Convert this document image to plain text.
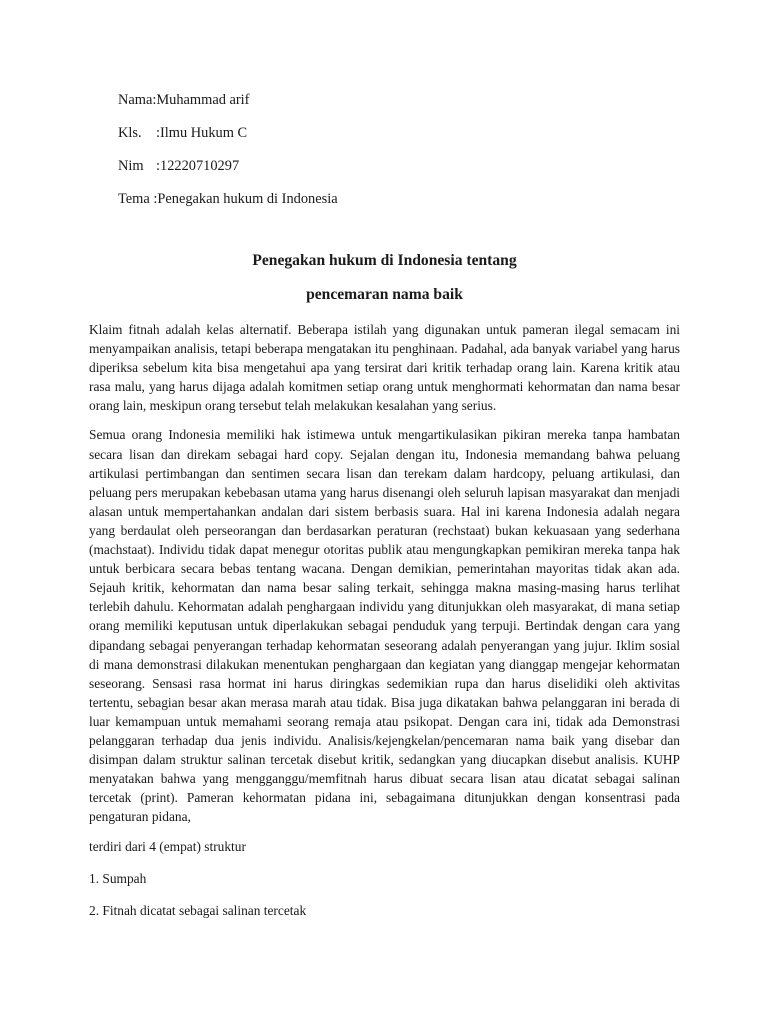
Nama:Muhammad arif
Kls. :Ilmu Hukum C
Nim :12220710297
Tema :Penegakan hukum di Indonesia
Penegakan hukum di Indonesia tentang
pencemaran nama baik

Klaim fitnah adalah kelas alternatif. Beberapa istilah yang digunakan untuk pameran ilegal semacam ini menyampaikan analisis, tetapi beberapa mengatakan itu penghinaan. Padahal, ada banyak variabel yang harus diperiksa sebelum kita bisa mengetahui apa yang tersirat dari kritik terhadap orang lain. Karena kritik atau rasa malu, yang harus dijaga adalah komitmen setiap orang untuk menghormati kehormatan dan nama besar orang lain, meskipun orang tersebut telah melakukan kesalahan yang serius.

Semua orang Indonesia memiliki hak istimewa untuk mengartikulasikan pikiran mereka tanpa hambatan secara lisan dan direkam sebagai hard copy. Sejalan dengan itu, Indonesia memandang bahwa peluang artikulasi pertimbangan dan sentimen secara lisan dan terekam dalam hardcopy, peluang artikulasi, dan peluang pers merupakan kebebasan utama yang harus disenangi oleh seluruh lapisan masyarakat dan menjadi alasan untuk mempertahankan andalan dari sistem berbasis suara. Hal ini karena Indonesia adalah negara yang berdaulat oleh perseorangan dan berdasarkan peraturan (rechstaat) bukan kekuasaan yang sederhana (machstaat). Individu tidak dapat menegur otoritas publik atau mengungkapkan pemikiran mereka tanpa hak untuk berbicara secara bebas tentang wacana. Dengan demikian, pemerintahan mayoritas tidak akan ada. Sejauh kritik, kehormatan dan nama besar saling terkait, sehingga makna masing-masing harus terlihat terlebih dahulu. Kehormatan adalah penghargaan individu yang ditunjukkan oleh masyarakat, di mana setiap orang memiliki keputusan untuk diperlakukan sebagai penduduk yang terpuji. Bertindak dengan cara yang dipandang sebagai penyerangan terhadap kehormatan seseorang adalah penyerangan yang jujur. Iklim sosial di mana demonstrasi dilakukan menentukan penghargaan dan kegiatan yang dianggap mengejar kehormatan seseorang. Sensasi rasa hormat ini harus diringkas sedemikian rupa dan harus diselidiki oleh aktivitas tertentu, sebagian besar akan merasa marah atau tidak. Bisa juga dikatakan bahwa pelanggaran ini berada di luar kemampuan untuk memahami seorang remaja atau psikopat. Dengan cara ini, tidak ada Demonstrasi pelanggaran terhadap dua jenis individu. Analisis/kejengkelan/pencemaran nama baik yang disebar dan disimpan dalam struktur salinan tercetak disebut kritik, sedangkan yang diucapkan disebut analisis. KUHP menyatakan bahwa yang mengganggu/memfitnah harus dibuat secara lisan atau dicatat sebagai salinan tercetak (print). Pameran kehormatan pidana ini, sebagaimana ditunjukkan dengan konsentrasi pada pengaturan pidana,

terdiri dari 4 (empat) struktur

1. Sumpah

2. Fitnah dicatat sebagai salinan tercetak
